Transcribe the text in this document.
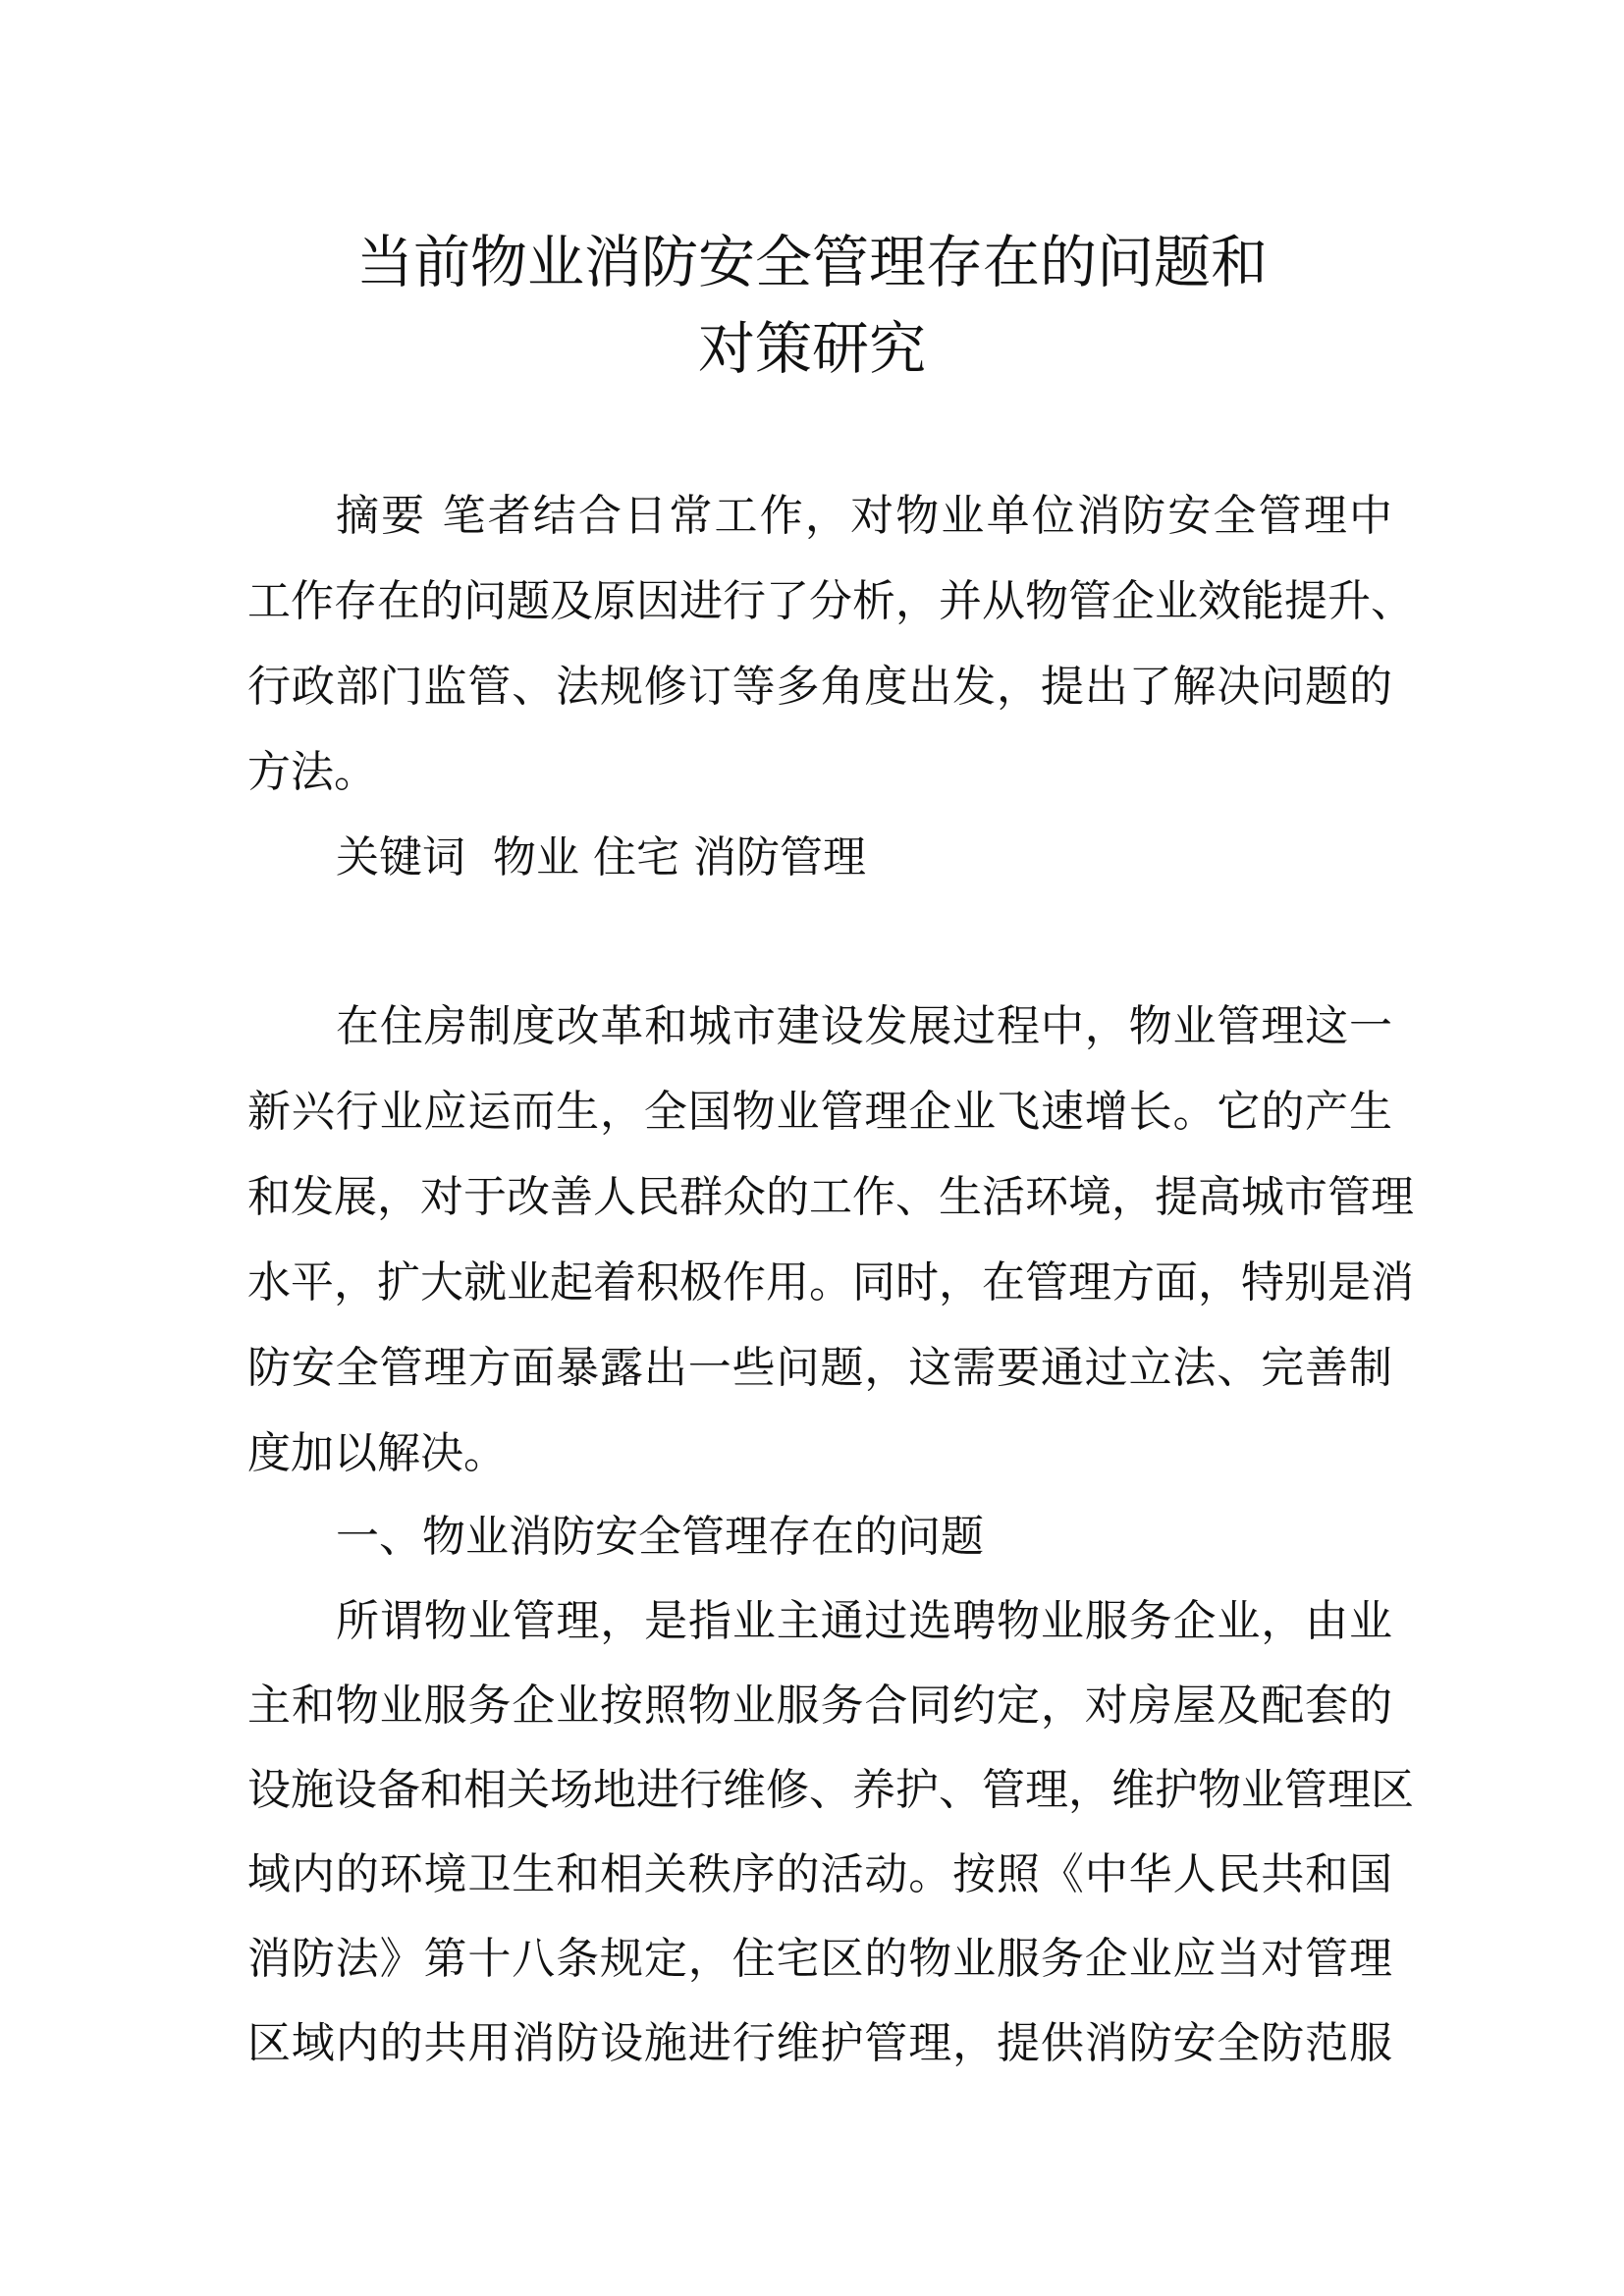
当前物业消防安全管理存在的问题和
对策研究
摘要 笔者结合日常工作，对物业单位消防安全管理中
工作存在的问题及原因进行了分析，并从物管企业效能提升、
行政部门监管、法规修订等多角度出发，提出了解决问题的
方法。
关键词  物业 住宅 消防管理
在住房制度改革和城市建设发展过程中，物业管理这一
新兴行业应运而生，全国物业管理企业飞速增长。它的产生
和发展，对于改善人民群众的工作、生活环境，提高城市管理
水平，扩大就业起着积极作用。同时，在管理方面，特别是消
防安全管理方面暴露出一些问题，这需要通过立法、完善制
度加以解决。
一、物业消防安全管理存在的问题
所谓物业管理，是指业主通过选聘物业服务企业，由业
主和物业服务企业按照物业服务合同约定，对房屋及配套的
设施设备和相关场地进行维修、养护、管理，维护物业管理区
域内的环境卫生和相关秩序的活动。按照《中华人民共和国
消防法》第十八条规定，住宅区的物业服务企业应当对管理
区域内的共用消防设施进行维护管理，提供消防安全防范服
